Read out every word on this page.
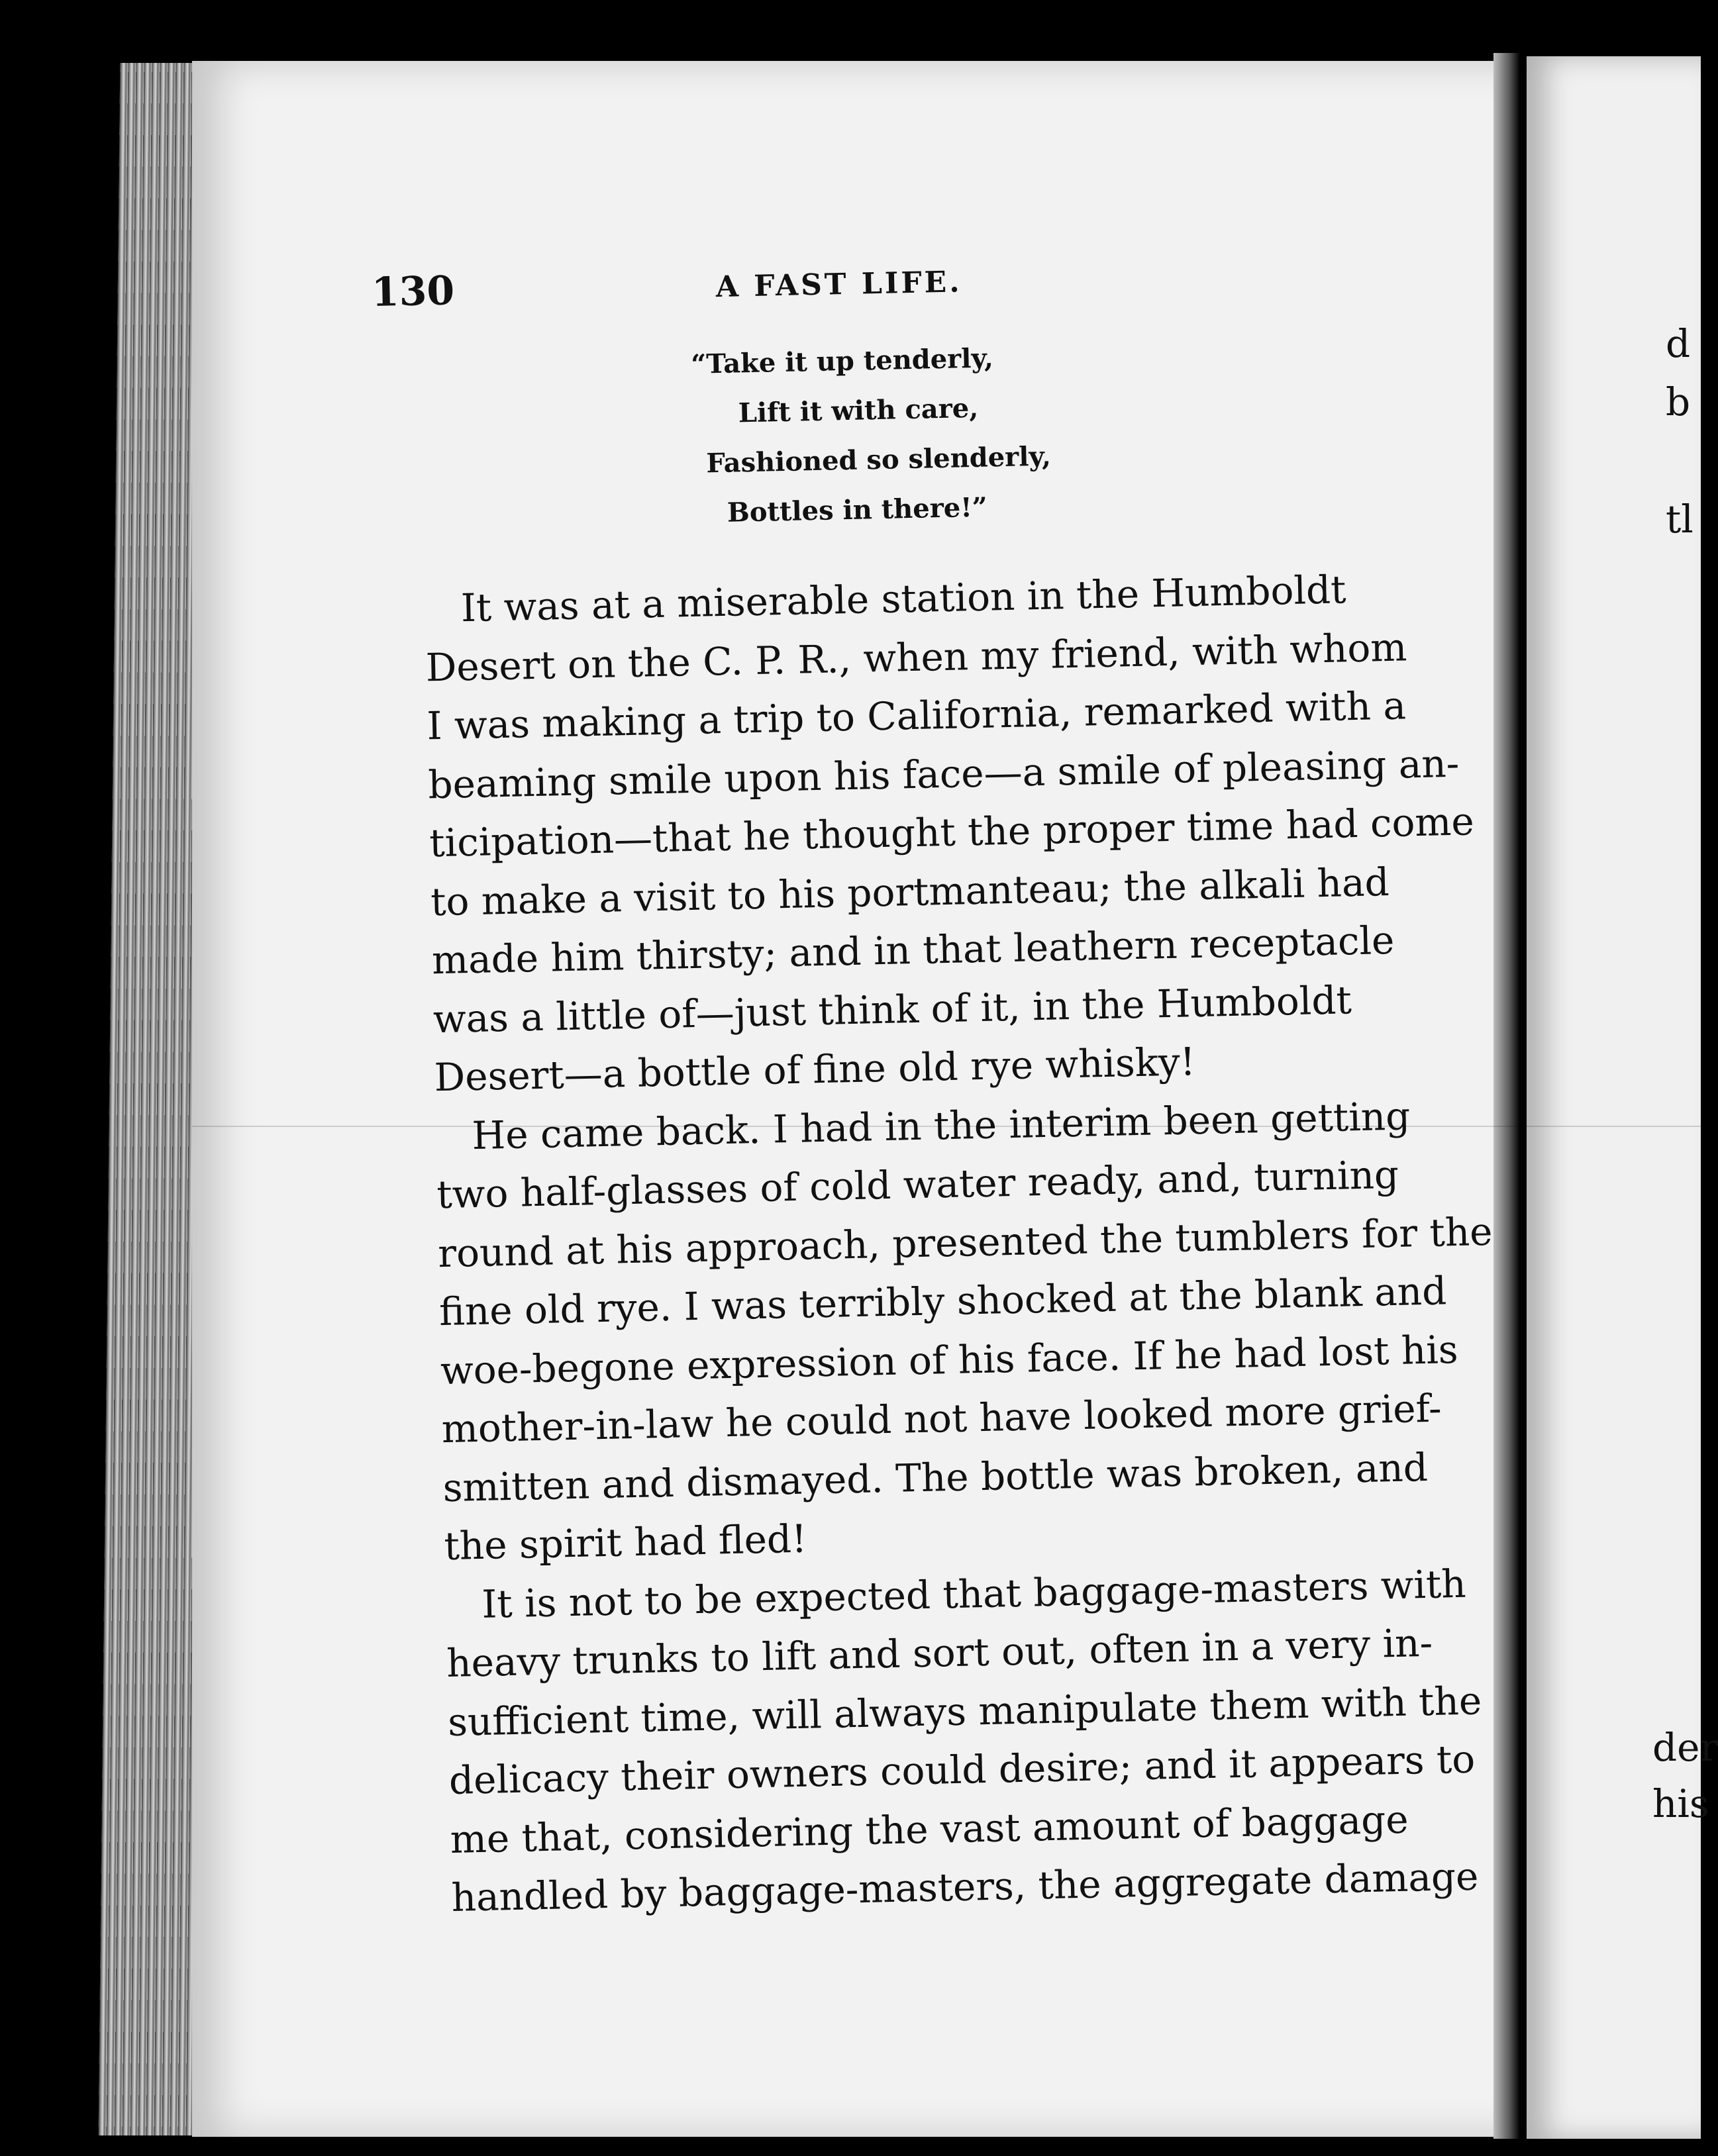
130	A FAST LIFE.
“Take it up tenderly,
Lift it with care,
Fashioned so slenderly,
Bottles in there!”
It was at a miserable station in the Humboldt
Desert on the C. P. R., when my friend, with whom
I was making a trip to California, remarked with a
beaming smile upon his face—a smile of pleasing an-
ticipation—that he thought the proper time had come
to make a visit to his portmanteau; the alkali had
made him thirsty; and in that leathern receptacle
was a little of—just think of it, in the Humboldt
Desert—a bottle of fine old rye whisky!
He came back. I had in the interim been getting
two half-glasses of cold water ready, and, turning
round at his approach, presented the tumblers for the
fine old rye. I was terribly shocked at the blank and
woe-begone expression of his face. If he had lost his
mother-in-law he could not have looked more grief-
smitten and dismayed. The bottle was broken, and
the spirit had fled!
It is not to be expected that baggage-masters with
heavy trunks to lift and sort out, often in a very in-
sufficient time, will always manipulate them with the
delicacy their owners could desire; and it appears to
me that, considering the vast amount of baggage
handled by baggage-masters, the aggregate damage
d
b
tl
der
his
